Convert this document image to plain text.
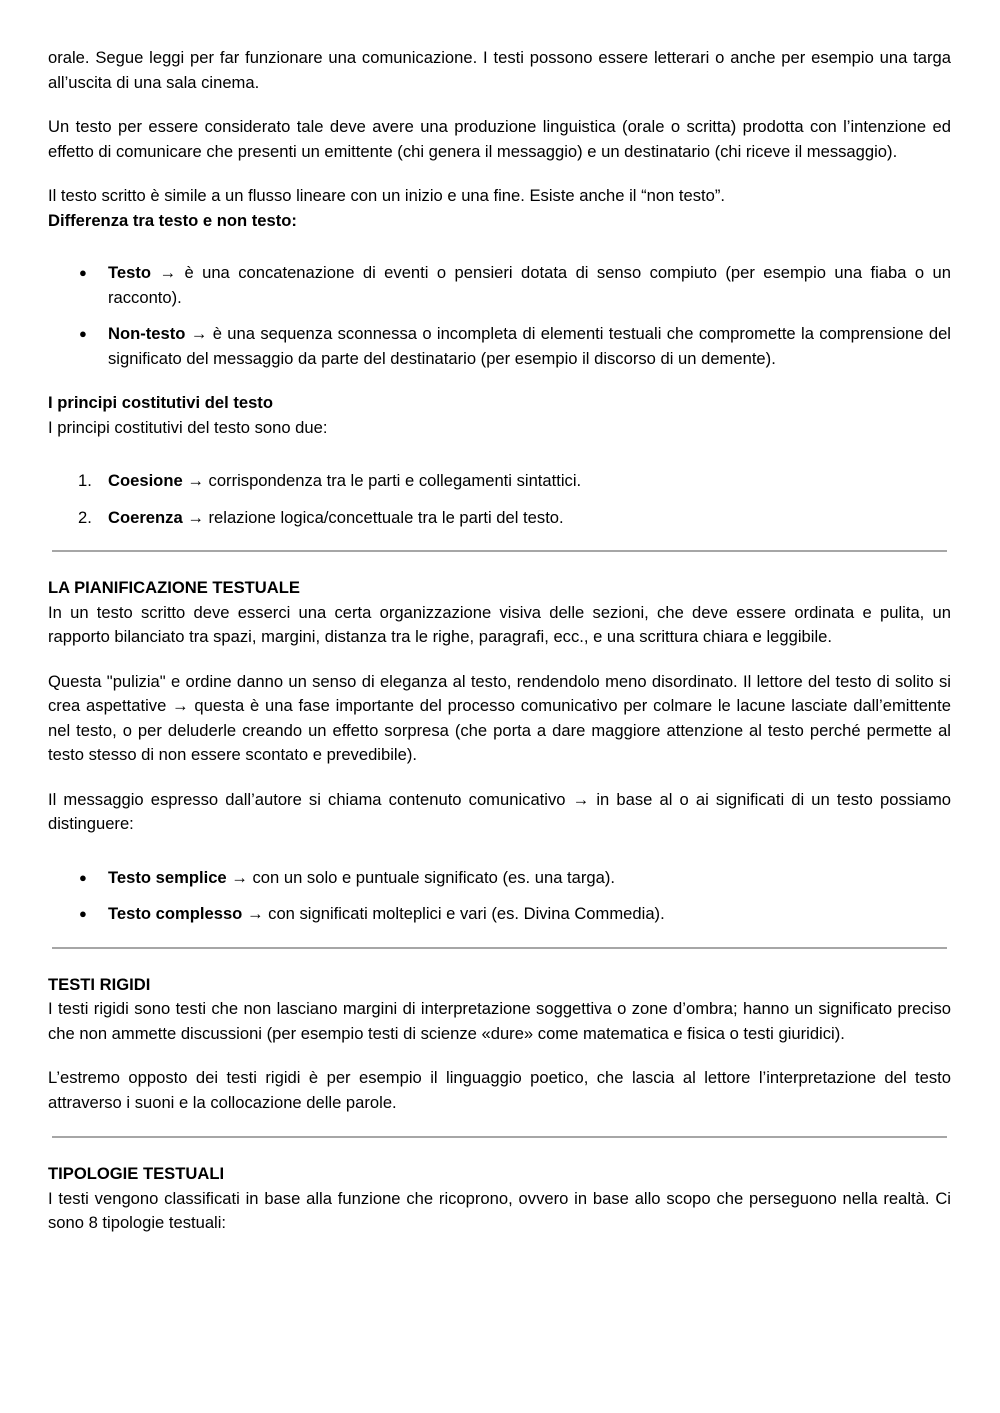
orale. Segue leggi per far funzionare una comunicazione. I testi possono essere letterari o anche per esempio una targa all’uscita di una sala cinema.

Un testo per essere considerato tale deve avere una produzione linguistica (orale o scritta) prodotta con l’intenzione ed effetto di comunicare che presenti un emittente (chi genera il messaggio) e un destinatario (chi riceve il messaggio).

Il testo scritto è simile a un flusso lineare con un inizio e una fine. Esiste anche il “non testo”.

Differenza tra testo e non testo:

● Testo → è una concatenazione di eventi o pensieri dotata di senso compiuto (per esempio una fiaba o un racconto).
● Non-testo → è una sequenza sconnessa o incompleta di elementi testuali che compromette la comprensione del significato del messaggio da parte del destinatario (per esempio il discorso di un demente).

I principi costitutivi del testo

I principi costitutivi del testo sono due:

1. Coesione → corrispondenza tra le parti e collegamenti sintattici.
2. Coerenza → relazione logica/concettuale tra le parti del testo.

LA PIANIFICAZIONE TESTUALE

In un testo scritto deve esserci una certa organizzazione visiva delle sezioni, che deve essere ordinata e pulita, un rapporto bilanciato tra spazi, margini, distanza tra le righe, paragrafi, ecc., e una scrittura chiara e leggibile.

Questa "pulizia" e ordine danno un senso di eleganza al testo, rendendolo meno disordinato. Il lettore del testo di solito si crea aspettative → questa è una fase importante del processo comunicativo per colmare le lacune lasciate dall’emittente nel testo, o per deluderle creando un effetto sorpresa (che porta a dare maggiore attenzione al testo perché permette al testo stesso di non essere scontato e prevedibile).

Il messaggio espresso dall’autore si chiama contenuto comunicativo → in base al o ai significati di un testo possiamo distinguere:

● Testo semplice → con un solo e puntuale significato (es. una targa).
● Testo complesso → con significati molteplici e vari (es. Divina Commedia).

TESTI RIGIDI

I testi rigidi sono testi che non lasciano margini di interpretazione soggettiva o zone d’ombra; hanno un significato preciso che non ammette discussioni (per esempio testi di scienze «dure» come matematica e fisica o testi giuridici).

L’estremo opposto dei testi rigidi è per esempio il linguaggio poetico, che lascia al lettore l’interpretazione del testo attraverso i suoni e la collocazione delle parole.

TIPOLOGIE TESTUALI

I testi vengono classificati in base alla funzione che ricoprono, ovvero in base allo scopo che perseguono nella realtà. Ci sono 8 tipologie testuali:
